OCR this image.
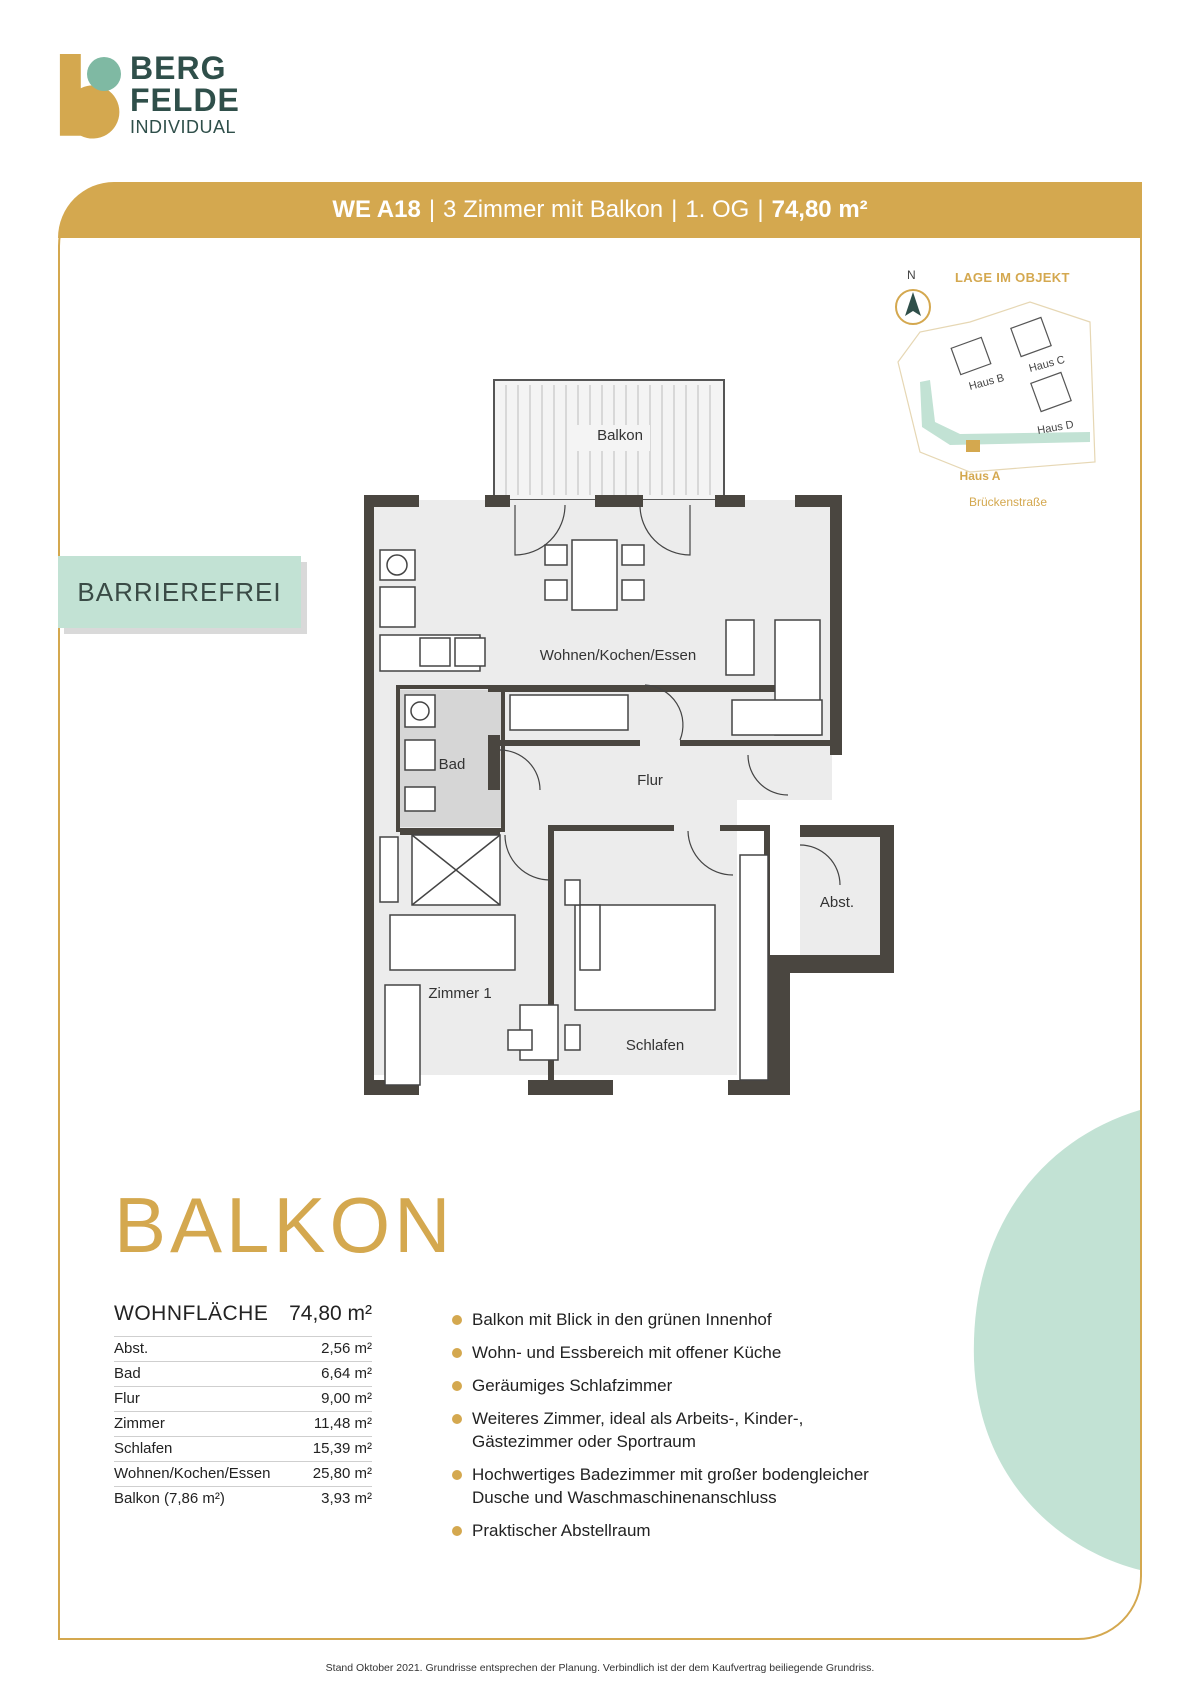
BERG
FELDE
INDIVIDUAL
WE A18 | 3 Zimmer mit Balkon | 1. OG | 74,80 m²
BARRIEREFREI
N	LAGE IM OBJEKT
Haus B
Haus C
Haus D
Haus A
Brückenstraße
Balkon
Wohnen/Kochen/Essen
Bad
Flur
Abst.
Zimmer 1
Schlafen
BALKON
WOHNFLÄCHE 74,80 m²
Abst.	2,56 m²
Bad	6,64 m²
Flur	9,00 m²
Zimmer	11,48 m²
Schlafen	15,39 m²
Wohnen/Kochen/Essen	25,80 m²
Balkon (7,86 m²)	3,93 m²
Balkon mit Blick in den grünen Innenhof
Wohn- und Essbereich mit offener Küche
Geräumiges Schlafzimmer
Weiteres Zimmer, ideal als Arbeits-, Kinder-, Gästezimmer oder Sportraum
Hochwertiges Badezimmer mit großer bodengleicher Dusche und Waschmaschinenanschluss
Praktischer Abstellraum
Stand Oktober 2021. Grundrisse entsprechen der Planung. Verbindlich ist der dem Kaufvertrag beiliegende Grundriss.
